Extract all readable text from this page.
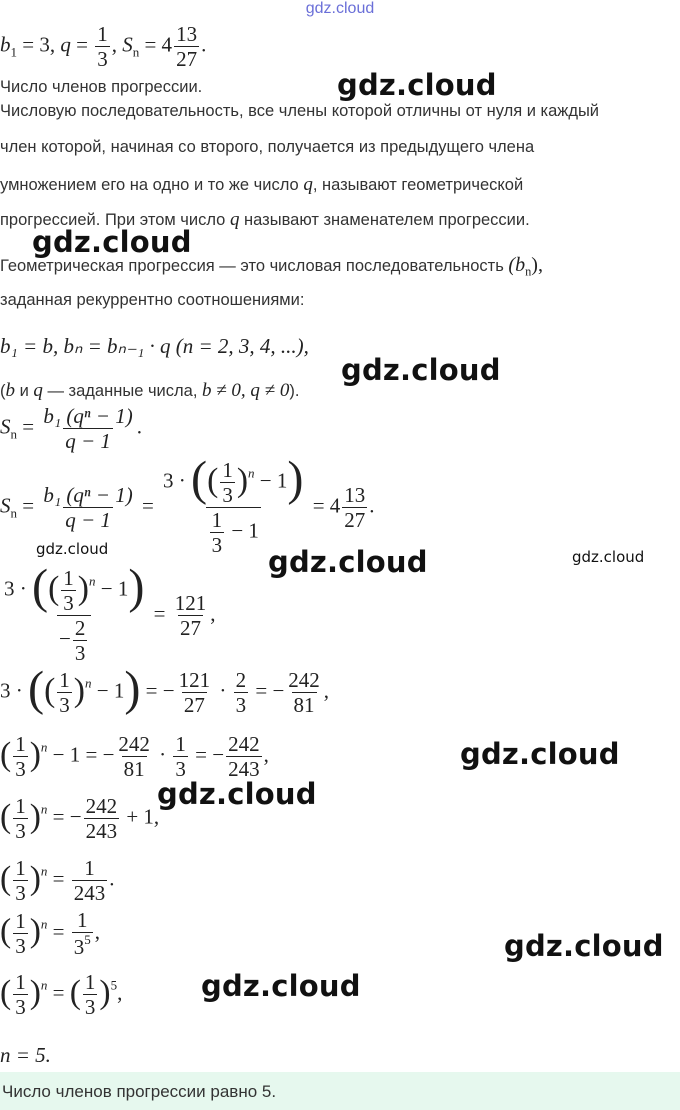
gdz.cloud
$b_1 = 3$, $q = \frac{1}{3}$ , $S_n = 4 \frac{13}{27}$ .
Число членов прогрессии.
Числовую последовательность, все члены которой отличны от нуля и каждый
член которой, начиная со второго, получается из предыдущего члена
умножением его на одно и то же число q, называют геометрической
прогрессией. При этом число q называют знаменателем прогрессии.
Геометрическая прогрессия — это числовая последовательность $(b_n)$,
заданная рекуррентно соотношениями:
b₁ = b, bₙ = bₙ₋₁ · q (n = 2, 3, 4, ...),
(b и q — заданные числа, b ≠ 0, q ≠ 0).
$S_n = \frac{\text{b₁ (qⁿ − 1)}}{q - 1}$ .
$S_n = \frac{\text{b₁ (qⁿ − 1)}}{q - 1} = \frac{3 \cdot (( \frac{1}{3} )^n - 1)}{\frac{1}{3} - 1} = 4 \frac{13}{27}$ .
$\frac{3 \cdot (( \frac{1}{3} )^n - 1)}{- \frac{2}{3}} = \frac{121}{27}$ ,
3 · (( $\frac{1}{3} )^n - 1$) = − $\frac{121}{27} \cdot \frac{2}{3}$ = − $\frac{242}{81}$ ,
( $\frac{1}{3} )^n - 1$ = − $\frac{242}{81} \cdot \frac{1}{3}$ = − $\frac{242}{243}$ ,
( $\frac{1}{3} )^n$ = − $\frac{242}{243} + 1$,
( $\frac{1}{3} )^n = \frac{1}{243}$ .
( $\frac{1}{3} )^n = \frac{1}{3^5}$ ,
( $\frac{1}{3} )^n$ = ( $\frac{1}{3} )^5$,
n = 5.
Число членов прогрессии равно 5.
gdz.cloud
gdz.cloud
gdz.cloud
gdz.cloud	gdz.cloud	gdz.cloud
gdz.cloud
gdz.cloud
gdz.cloud
gdz.cloud
